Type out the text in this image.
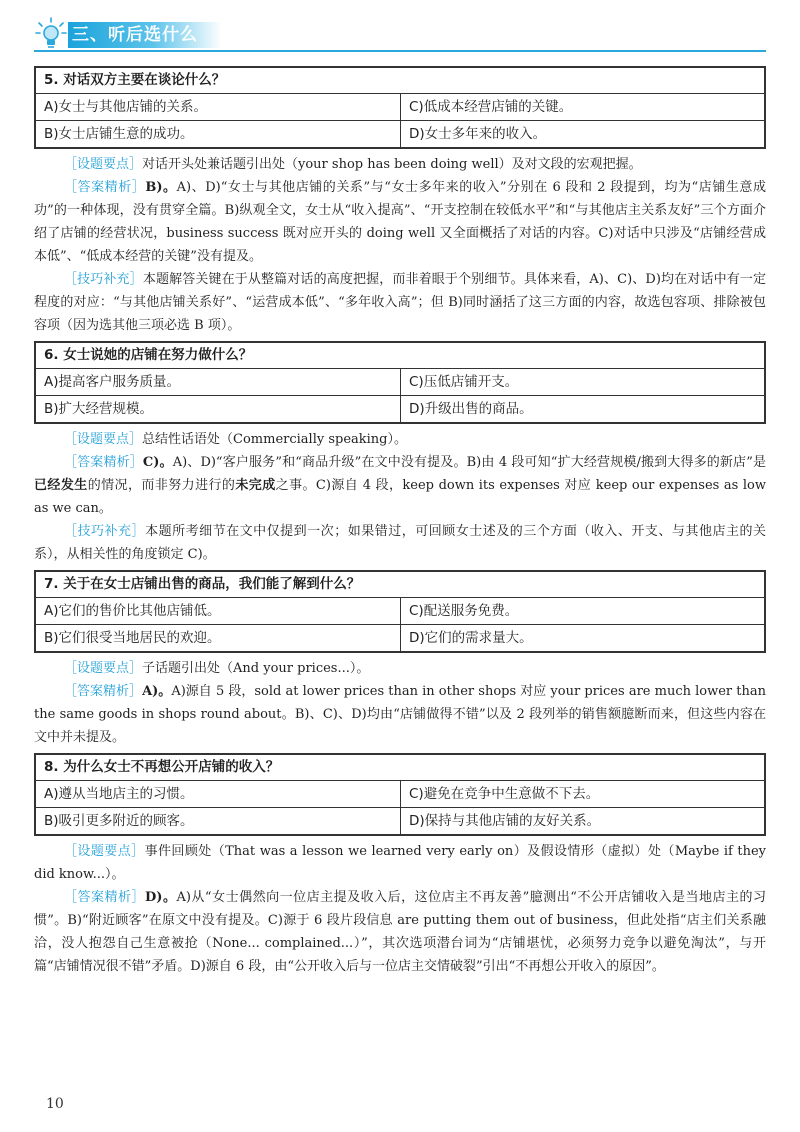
三、听后选什么
5. 对话双方主要在谈论什么？
A)女士与其他店铺的关系。	C)低成本经营店铺的关键。
B)女士店铺生意的成功。	D)女士多年来的收入。

［设题要点］对话开头处兼话题引出处（your shop has been doing well）及对文段的宏观把握。

［答案精析］B)。A)、D)“女士与其他店铺的关系”与“女士多年来的收入”分别在 6 段和 2 段提到，均为“店铺生意成功”的一种体现，没有贯穿全篇。B)纵观全文，女士从“收入提高”、“开支控制在较低水平”和“与其他店主关系友好”三个方面介绍了店铺的经营状况，business success 既对应开头的 doing well 又全面概括了对话的内容。C)对话中只涉及“店铺经营成本低”、“低成本经营的关键”没有提及。

［技巧补充］本题解答关键在于从整篇对话的高度把握，而非着眼于个别细节。具体来看，A)、C)、D)均在对话中有一定程度的对应：“与其他店铺关系好”、“运营成本低”、“多年收入高”；但 B)同时涵括了这三方面的内容，故选包容项、排除被包容项（因为选其他三项必选 B 项）。

6. 女士说她的店铺在努力做什么？
A)提高客户服务质量。	C)压低店铺开支。
B)扩大经营规模。	D)升级出售的商品。

［设题要点］总结性话语处（Commercially speaking）。

［答案精析］C)。A)、D)“客户服务”和“商品升级”在文中没有提及。B)由 4 段可知“扩大经营规模/搬到大得多的新店”是已经发生的情况，而非努力进行的未完成之事。C)源自 4 段，keep down its expenses 对应 keep our expenses as low as we can。

［技巧补充］本题所考细节在文中仅提到一次；如果错过，可回顾女士述及的三个方面（收入、开支、与其他店主的关系），从相关性的角度锁定 C)。

7. 关于在女士店铺出售的商品，我们能了解到什么？
A)它们的售价比其他店铺低。	C)配送服务免费。
B)它们很受当地居民的欢迎。	D)它们的需求量大。

［设题要点］子话题引出处（And your prices...）。

［答案精析］A)。A)源自 5 段，sold at lower prices than in other shops 对应 your prices are much lower than the same goods in shops round about。B)、C)、D)均由“店铺做得不错”以及 2 段列举的销售额臆断而来，但这些内容在文中并未提及。

8. 为什么女士不再想公开店铺的收入？
A)遵从当地店主的习惯。	C)避免在竞争中生意做不下去。
B)吸引更多附近的顾客。	D)保持与其他店铺的友好关系。

［设题要点］事件回顾处（That was a lesson we learned very early on）及假设情形（虚拟）处（Maybe if they did know...）。

［答案精析］D)。A)从“女士偶然向一位店主提及收入后，这位店主不再友善”臆测出“不公开店铺收入是当地店主的习惯”。B)“附近顾客”在原文中没有提及。C)源于 6 段片段信息 are putting them out of business，但此处指“店主们关系融洽，没人抱怨自己生意被抢（None... complained...）”，其次选项潜台词为“店铺堪忧，必须努力竞争以避免淘汰”，与开篇“店铺情况很不错”矛盾。D)源自 6 段，由“公开收入后与一位店主交情破裂”引出“不再想公开收入的原因”。

10
